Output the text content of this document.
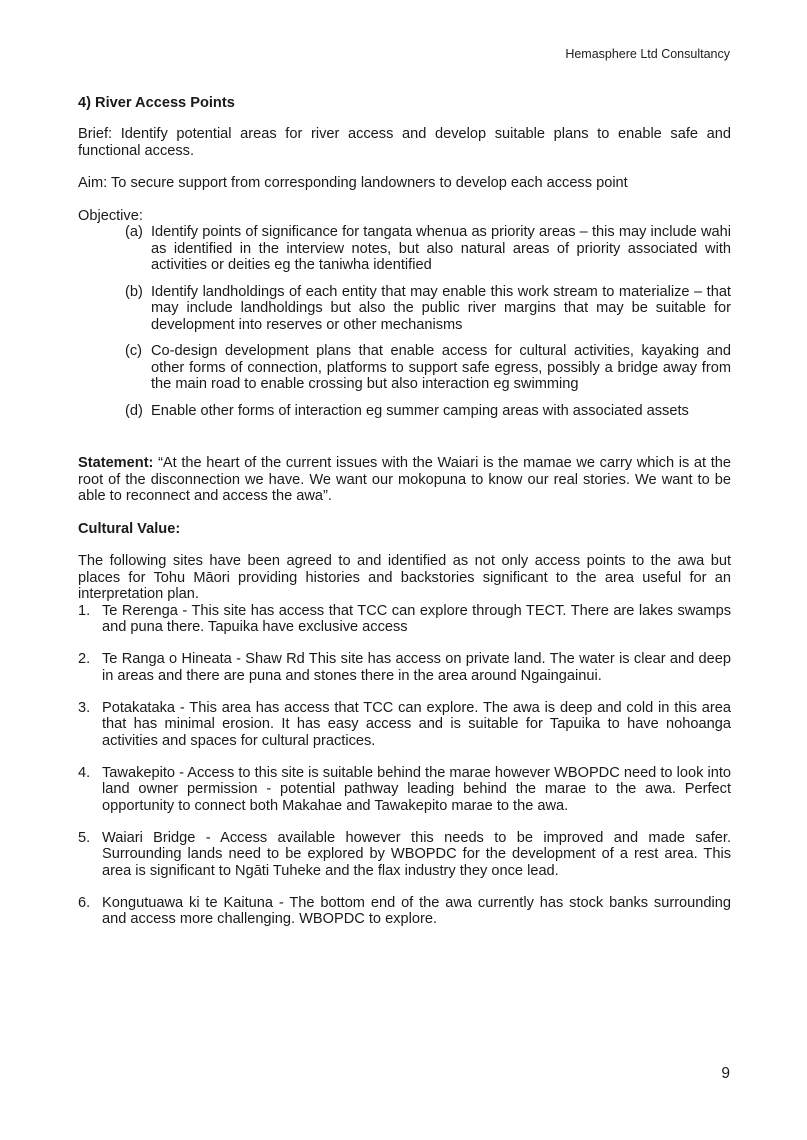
Hemasphere Ltd Consultancy
4) River Access Points

Brief: Identify potential areas for river access and develop suitable plans to enable safe and functional access.

Aim: To secure support from corresponding landowners to develop each access point

Objective:

(a) Identify points of significance for tangata whenua as priority areas – this may include wahi as identified in the interview notes, but also natural areas of priority associated with activities or deities eg the taniwha identified
(b) Identify landholdings of each entity that may enable this work stream to materialize – that may include landholdings but also the public river margins that may be suitable for development into reserves or other mechanisms
(c) Co-design development plans that enable access for cultural activities, kayaking and other forms of connection, platforms to support safe egress, possibly a bridge away from the main road to enable crossing but also interaction eg swimming
(d) Enable other forms of interaction eg summer camping areas with associated assets

Statement: “At the heart of the current issues with the Waiari is the mamae we carry which is at the root of the disconnection we have. We want our mokopuna to know our real stories. We want to be able to reconnect and access the awa”.

Cultural Value:

The following sites have been agreed to and identified as not only access points to the awa but places for Tohu Māori providing histories and backstories significant to the area useful for an interpretation plan.

1. Te Rerenga - This site has access that TCC can explore through TECT. There are lakes swamps and puna there. Tapuika have exclusive access
2. Te Ranga o Hineata - Shaw Rd This site has access on private land. The water is clear and deep in areas and there are puna and stones there in the area around Ngaingainui.
3. Potakataka - This area has access that TCC can explore. The awa is deep and cold in this area that has minimal erosion. It has easy access and is suitable for Tapuika to have nohoanga activities and spaces for cultural practices.
4. Tawakepito - Access to this site is suitable behind the marae however WBOPDC need to look into land owner permission - potential pathway leading behind the marae to the awa. Perfect opportunity to connect both Makahae and Tawakepito marae to the awa.
5. Waiari Bridge - Access available however this needs to be improved and made safer. Surrounding lands need to be explored by WBOPDC for the development of a rest area. This area is significant to Ngāti Tuheke and the flax industry they once lead.
6. Kongutuawa ki te Kaituna - The bottom end of the awa currently has stock banks surrounding and access more challenging. WBOPDC to explore.
9
